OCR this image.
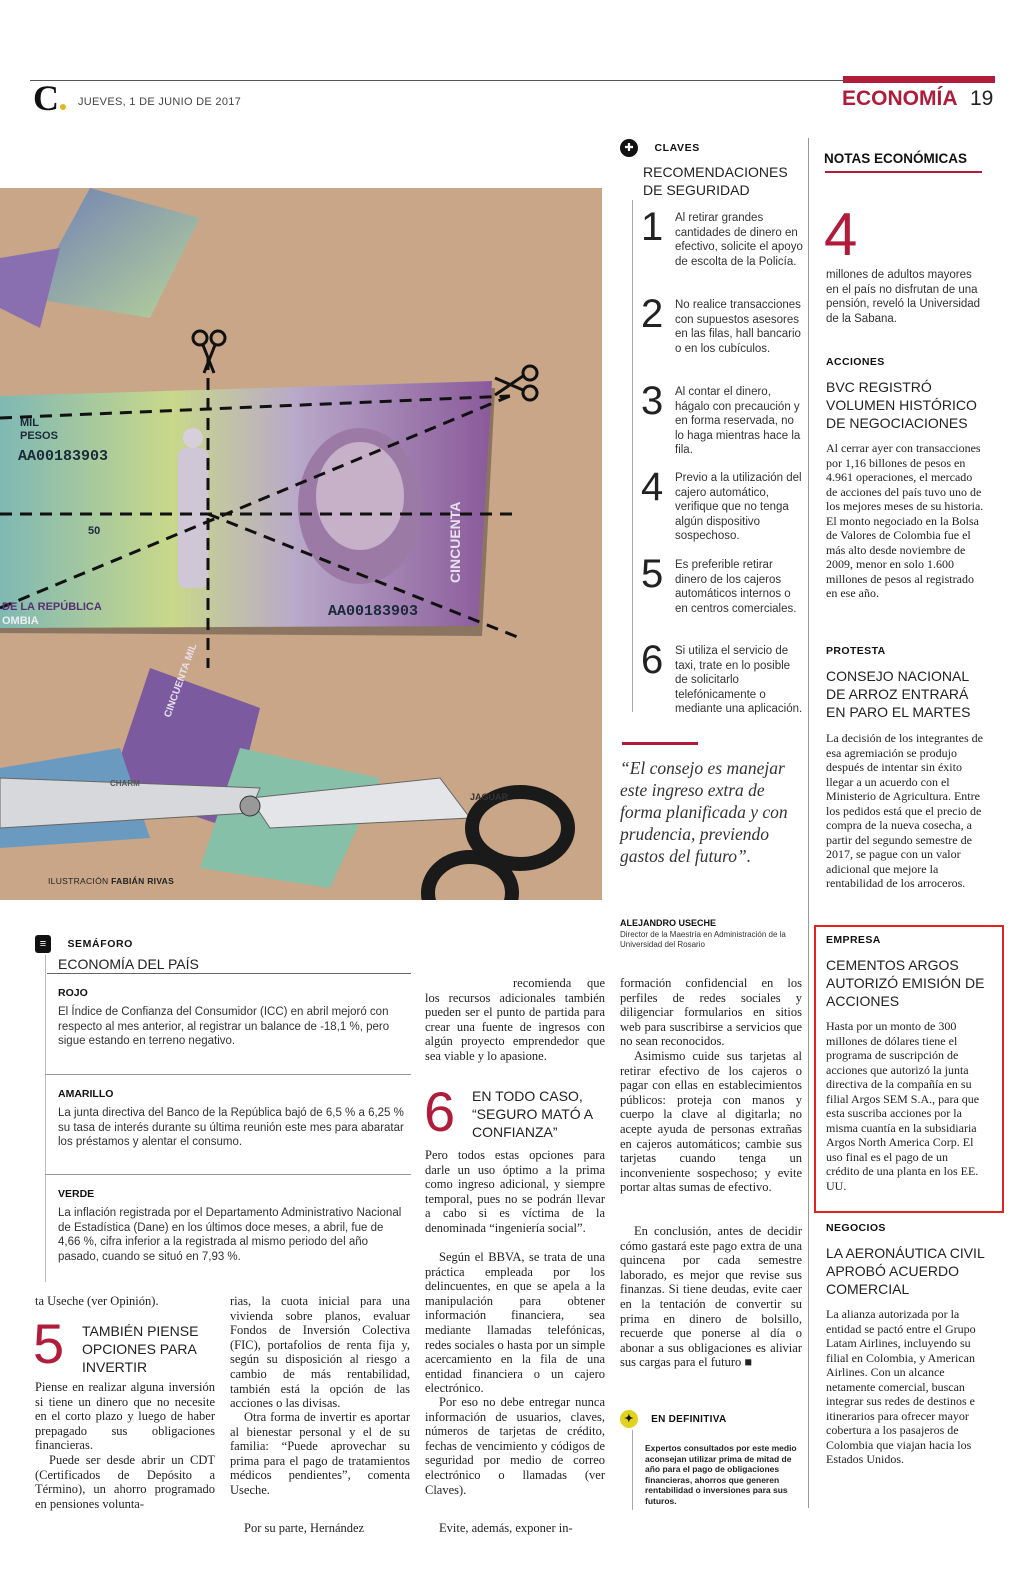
C	JUEVES, 1 DE JUNIO DE 2017	ECONOMÍA 19
AA00183903
AA00183903
MIL
PESOS
DE LA REPÚBLICA
OMBIA
50	CINCUENTA
JAGUAR
CHARM
CINCUENTA MIL
ILUSTRACIÓN FABIÁN RIVAS
✚ CLAVES
RECOMENDACIONES DE SEGURIDAD
1 Al retirar grandes cantidades de dinero en efectivo, solicite el apoyo de escolta de la Policía.
2 No realice transacciones con supuestos asesores en las filas, hall bancario o en los cubículos.
3 Al contar el dinero, hágalo con precaución y en forma reservada, no lo haga mientras hace la fila.
4 Previo a la utilización del cajero automático, verifique que no tenga algún dispositivo sospechoso.
5 Es preferible retirar dinero de los cajeros automáticos internos o en centros comerciales.
6 Si utiliza el servicio de taxi, trate en lo posible de solicitarlo telefónicamente o mediante una aplicación.
“El consejo es manejar este ingreso extra de forma planificada y con prudencia, previendo gastos del futuro”.
ALEJANDRO USECHE
Director de la Maestría en Administración de la Universidad del Rosario
NOTAS ECONÓMICAS
4
millones de adultos mayores en el país no disfrutan de una pensión, reveló la Universidad de la Sabana.
ACCIONES
BVC REGISTRÓ VOLUMEN HISTÓRICO DE NEGOCIACIONES
Al cerrar ayer con transacciones por 1,16 billones de pesos en 4.961 operaciones, el mercado de acciones del país tuvo uno de los mejores meses de su historia. El monto negociado en la Bolsa de Valores de Colombia fue el más alto desde noviembre de 2009, menor en solo 1.600 millones de pesos al registrado en ese año.
PROTESTA
CONSEJO NACIONAL DE ARROZ ENTRARÁ EN PARO EL MARTES
La decisión de los integrantes de esa agremiación se produjo después de intentar sin éxito llegar a un acuerdo con el Ministerio de Agricultura. Entre los pedidos está que el precio de compra de la nueva cosecha, a partir del segundo semestre de 2017, se pague con un valor adicional que mejore la rentabilidad de los arroceros.
EMPRESA
CEMENTOS ARGOS AUTORIZÓ EMISIÓN DE ACCIONES
Hasta por un monto de 300 millones de dólares tiene el programa de suscripción de acciones que autorizó la junta directiva de la compañía en su filial Argos SEM S.A., para que esta suscriba acciones por la misma cuantía en la subsidiaria Argos North America Corp. El uso final es el pago de un crédito de una planta en los EE. UU.
NEGOCIOS
LA AERONÁUTICA CIVIL APROBÓ ACUERDO COMERCIAL
La alianza autorizada por la entidad se pactó entre el Grupo Latam Airlines, incluyendo su filial en Colombia, y American Airlines. Con un alcance netamente comercial, buscan integrar sus redes de destinos e itinerarios para ofrecer mayor cobertura a los pasajeros de Colombia que viajan hacia los Estados Unidos.
≡ SEMÁFORO
ECONOMÍA DEL PAÍS
ROJO
El Índice de Confianza del Consumidor (ICC) en abril mejoró con respecto al mes anterior, al registrar un balance de -18,1 %, pero sigue estando en terreno negativo.
AMARILLO
La junta directiva del Banco de la República bajó de 6,5 % a 6,25 % su tasa de interés durante su última reunión este mes para abaratar los préstamos y alentar el consumo.
VERDE
La inflación registrada por el Departamento Administrativo Nacional de Estadística (Dane) en los últimos doce meses, a abril, fue de 4,66 %, cifra inferior a la registrada al mismo periodo del año pasado, cuando se situó en 7,93 %.
ta Useche (ver Opinión).
5 TAMBIÉN PIENSE OPCIONES PARA INVERTIR
Piense en realizar alguna inversión si tiene un dinero que no necesite en el corto plazo y luego de haber prepagado sus obligaciones financieras.
Puede ser desde abrir un CDT (Certificados de Depósito a Término), un ahorro programado en pensiones volunta-
rias, la cuota inicial para una vivienda sobre planos, evaluar Fondos de Inversión Colectiva (FIC), portafolios de renta fija y, según su disposición al riesgo a cambio de más rentabilidad, también está la opción de las acciones o las divisas.
Otra forma de invertir es aportar al bienestar personal y el de su familia: “Puede aprovechar su prima para el pago de tratamientos médicos pendientes”, comenta Useche.
Por su parte, Hernández
recomienda que los recursos adicionales también pueden ser el punto de partida para crear una fuente de ingresos con algún proyecto emprendedor que sea viable y lo apasione.
6 EN TODO CASO, “SEGURO MATÓ A CONFIANZA”
Pero todos estas opciones para darle un uso óptimo a la prima como ingreso adicional, y siempre temporal, pues no se podrán llevar a cabo si es víctima de la denominada “ingeniería social”.
Según el BBVA, se trata de una práctica empleada por los delincuentes, en que se apela a la manipulación para obtener información financiera, sea mediante llamadas telefónicas, redes sociales o hasta por un simple acercamiento en la fila de una entidad financiera o un cajero electrónico.
Por eso no debe entregar nunca información de usuarios, claves, números de tarjetas de crédito, fechas de vencimiento y códigos de seguridad por medio de correo electrónico o llamadas (ver Claves).
Evite, además, exponer in-
formación confidencial en los perfiles de redes sociales y diligenciar formularios en sitios web para suscribirse a servicios que no sean reconocidos.
Asimismo cuide sus tarjetas al retirar efectivo de los cajeros o pagar con ellas en establecimientos públicos: proteja con manos y cuerpo la clave al digitarla; no acepte ayuda de personas extrañas en cajeros automáticos; cambie sus tarjetas cuando tenga un inconveniente sospechoso; y evite portar altas sumas de efectivo.
En conclusión, antes de decidir cómo gastará este pago extra de una quincena por cada semestre laborado, es mejor que revise sus finanzas. Si tiene deudas, evite caer en la tentación de convertir su prima en dinero de bolsillo, recuerde que ponerse al día o abonar a sus obligaciones es aliviar sus cargas para el futuro ■
✦ EN DEFINITIVA
Expertos consultados por este medio aconsejan utilizar prima de mitad de año para el pago de obligaciones financieras, ahorros que generen rentabilidad o inversiones para sus futuros.
